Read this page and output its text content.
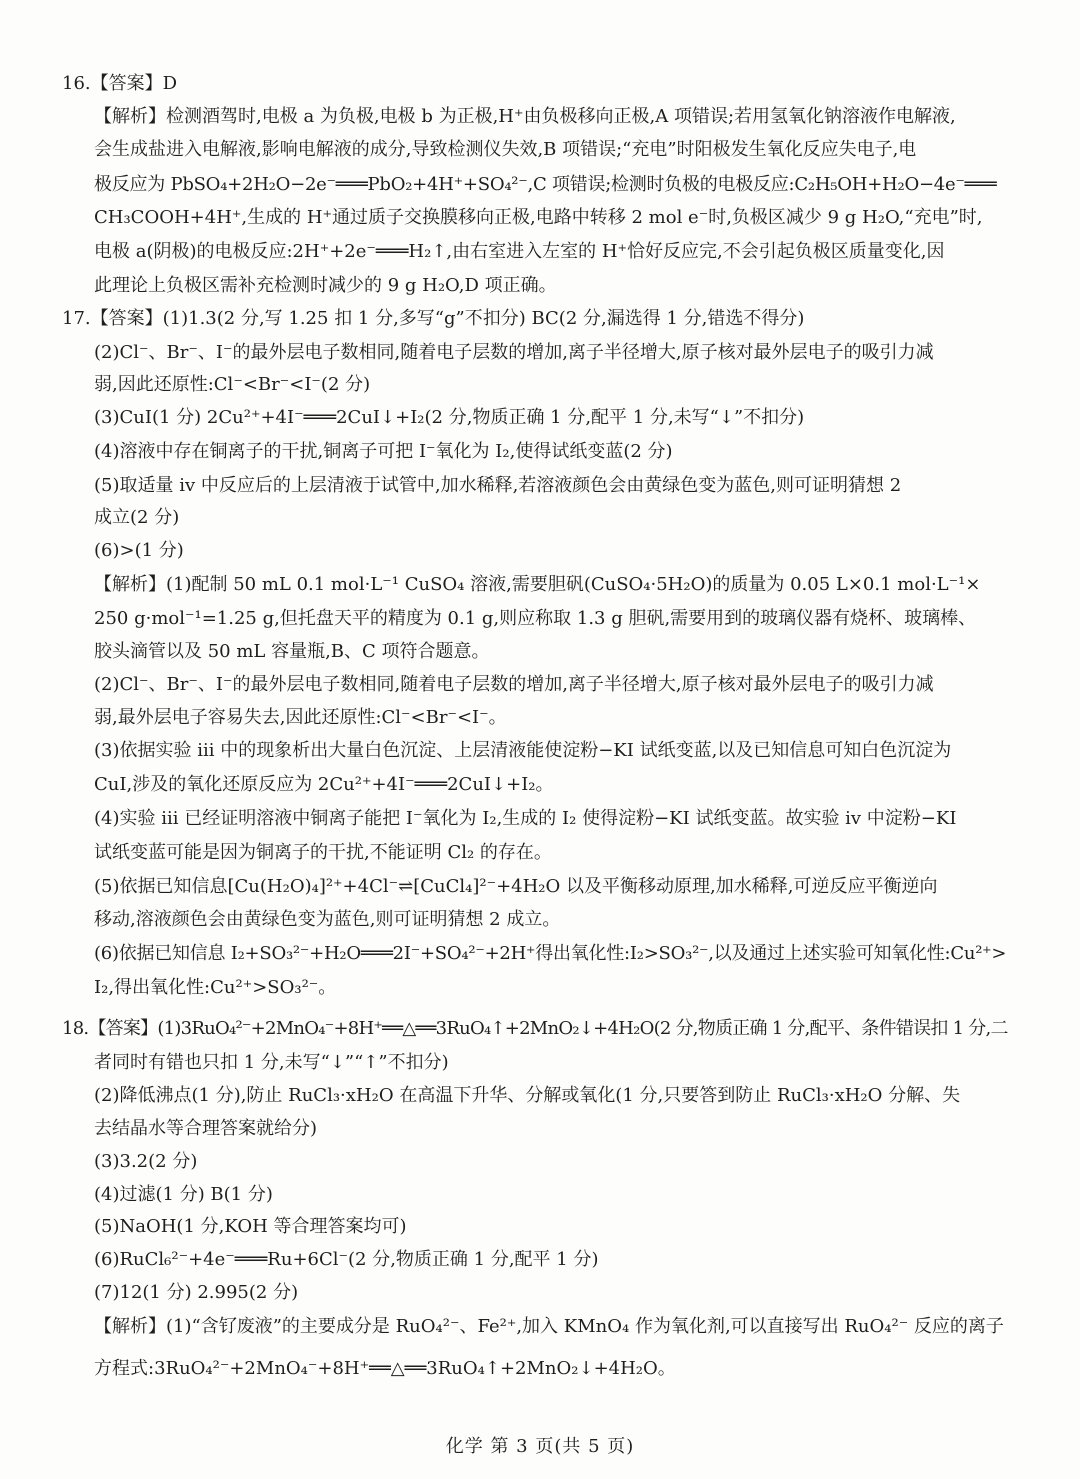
16.【答案】D
【解析】检测酒驾时,电极 a 为负极,电极 b 为正极,H⁺由负极移向正极,A 项错误;若用氢氧化钠溶液作电解液,
会生成盐进入电解液,影响电解液的成分,导致检测仪失效,B 项错误;“充电”时阳极发生氧化反应失电子,电
极反应为 PbSO₄+2H₂O−2e⁻═══PbO₂+4H⁺+SO₄²⁻,C 项错误;检测时负极的电极反应:C₂H₅OH+H₂O−4e⁻═══
CH₃COOH+4H⁺,生成的 H⁺通过质子交换膜移向正极,电路中转移 2 mol e⁻时,负极区减少 9 g H₂O,“充电”时,
电极 a(阴极)的电极反应:2H⁺+2e⁻═══H₂↑,由右室进入左室的 H⁺恰好反应完,不会引起负极区质量变化,因
此理论上负极区需补充检测时减少的 9 g H₂O,D 项正确。
17.【答案】(1)1.3(2 分,写 1.25 扣 1 分,多写“g”不扣分) BC(2 分,漏选得 1 分,错选不得分)
(2)Cl⁻、Br⁻、I⁻的最外层电子数相同,随着电子层数的增加,离子半径增大,原子核对最外层电子的吸引力减
弱,因此还原性:Cl⁻<Br⁻<I⁻(2 分)
(3)CuI(1 分) 2Cu²⁺+4I⁻═══2CuI↓+I₂(2 分,物质正确 1 分,配平 1 分,未写“↓”不扣分)
(4)溶液中存在铜离子的干扰,铜离子可把 I⁻氧化为 I₂,使得试纸变蓝(2 分)
(5)取适量 iv 中反应后的上层清液于试管中,加水稀释,若溶液颜色会由黄绿色变为蓝色,则可证明猜想 2
成立(2 分)
(6)>(1 分)
【解析】(1)配制 50 mL 0.1 mol·L⁻¹ CuSO₄ 溶液,需要胆矾(CuSO₄·5H₂O)的质量为 0.05 L×0.1 mol·L⁻¹×
250 g·mol⁻¹=1.25 g,但托盘天平的精度为 0.1 g,则应称取 1.3 g 胆矾,需要用到的玻璃仪器有烧杯、玻璃棒、
胶头滴管以及 50 mL 容量瓶,B、C 项符合题意。
(2)Cl⁻、Br⁻、I⁻的最外层电子数相同,随着电子层数的增加,离子半径增大,原子核对最外层电子的吸引力减
弱,最外层电子容易失去,因此还原性:Cl⁻<Br⁻<I⁻。
(3)依据实验 iii 中的现象析出大量白色沉淀、上层清液能使淀粉−KI 试纸变蓝,以及已知信息可知白色沉淀为
CuI,涉及的氧化还原反应为 2Cu²⁺+4I⁻═══2CuI↓+I₂。
(4)实验 iii 已经证明溶液中铜离子能把 I⁻氧化为 I₂,生成的 I₂ 使得淀粉−KI 试纸变蓝。故实验 iv 中淀粉−KI
试纸变蓝可能是因为铜离子的干扰,不能证明 Cl₂ 的存在。
(5)依据已知信息[Cu(H₂O)₄]²⁺+4Cl⁻⇌[CuCl₄]²⁻+4H₂O 以及平衡移动原理,加水稀释,可逆反应平衡逆向
移动,溶液颜色会由黄绿色变为蓝色,则可证明猜想 2 成立。
(6)依据已知信息 I₂+SO₃²⁻+H₂O═══2I⁻+SO₄²⁻+2H⁺得出氧化性:I₂>SO₃²⁻,以及通过上述实验可知氧化性:Cu²⁺>
I₂,得出氧化性:Cu²⁺>SO₃²⁻。
18.【答案】(1)3RuO₄²⁻+2MnO₄⁻+8H⁺══△══3RuO₄↑+2MnO₂↓+4H₂O(2 分,物质正确 1 分,配平、条件错误扣 1 分,二
者同时有错也只扣 1 分,未写“↓”“↑”不扣分)
(2)降低沸点(1 分),防止 RuCl₃·xH₂O 在高温下升华、分解或氧化(1 分,只要答到防止 RuCl₃·xH₂O 分解、失
去结晶水等合理答案就给分)
(3)3.2(2 分)
(4)过滤(1 分) B(1 分)
(5)NaOH(1 分,KOH 等合理答案均可)
(6)RuCl₆²⁻+4e⁻═══Ru+6Cl⁻(2 分,物质正确 1 分,配平 1 分)
(7)12(1 分) 2.995(2 分)
【解析】(1)“含钌废液”的主要成分是 RuO₄²⁻、Fe²⁺,加入 KMnO₄ 作为氧化剂,可以直接写出 RuO₄²⁻ 反应的离子
方程式:3RuO₄²⁻+2MnO₄⁻+8H⁺══△══3RuO₄↑+2MnO₂↓+4H₂O。
化学 第 3 页(共 5 页)
